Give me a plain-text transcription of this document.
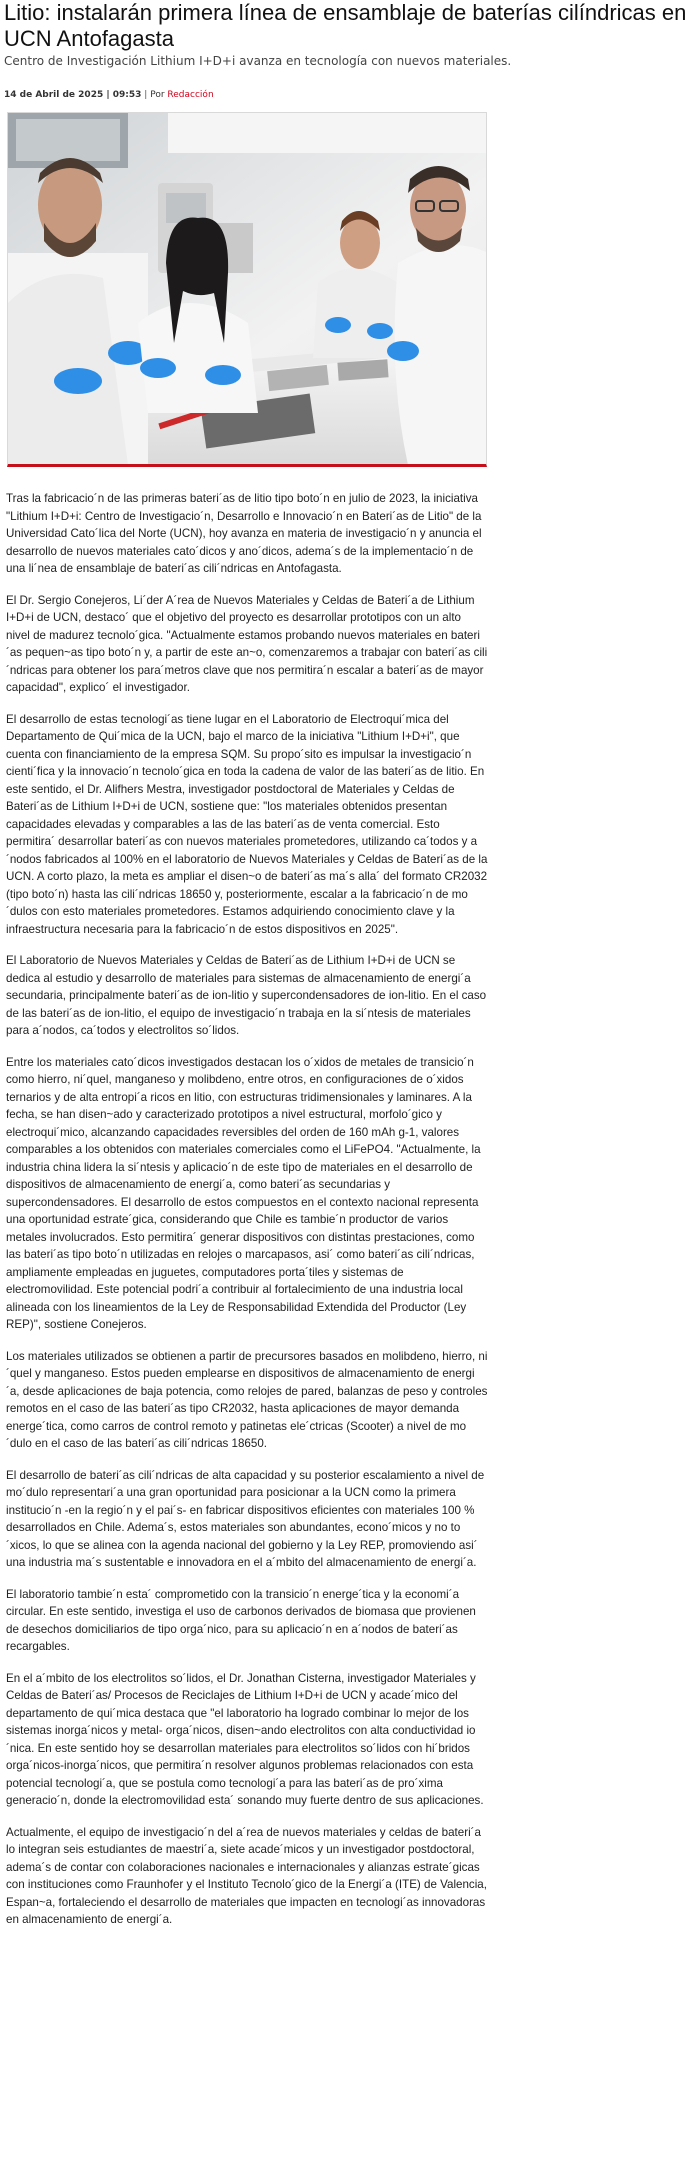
Litio: instalarán primera línea de ensamblaje de baterías cilíndricas en UCN Antofagasta

Centro de Investigación Lithium I+D+i avanza en tecnología con nuevos materiales.

14 de Abril de 2025 | 09:53 | Por Redacción

Tras la fabricacio´n de las primeras bateri´as de litio tipo boto´n en julio de 2023, la iniciativa "Lithium I+D+i: Centro de Investigacio´n, Desarrollo e Innovacio´n en Bateri´as de Litio" de la Universidad Cato´lica del Norte (UCN), hoy avanza en materia de investigacio´n y anuncia el desarrollo de nuevos materiales cato´dicos y ano´dicos, adema´s de la implementacio´n de una li´nea de ensamblaje de bateri´as cili´ndricas en Antofagasta.

El Dr. Sergio Conejeros, Li´der A´rea de Nuevos Materiales y Celdas de Bateri´a de Lithium I+D+i de UCN, destaco´ que el objetivo del proyecto es desarrollar prototipos con un alto nivel de madurez tecnolo´gica. "Actualmente estamos probando nuevos materiales en bateri´as pequen~as tipo boto´n y, a partir de este an~o, comenzaremos a trabajar con bateri´as cili´ndricas para obtener los para´metros clave que nos permitira´n escalar a bateri´as de mayor capacidad", explico´ el investigador.

El desarrollo de estas tecnologi´as tiene lugar en el Laboratorio de Electroqui´mica del Departamento de Qui´mica de la UCN, bajo el marco de la iniciativa "Lithium I+D+i", que cuenta con financiamiento de la empresa SQM. Su propo´sito es impulsar la investigacio´n cienti´fica y la innovacio´n tecnolo´gica en toda la cadena de valor de las bateri´as de litio. En este sentido, el Dr. Alifhers Mestra, investigador postdoctoral de Materiales y Celdas de Bateri´as de Lithium I+D+i de UCN, sostiene que: "los materiales obtenidos presentan capacidades elevadas y comparables a las de las bateri´as de venta comercial. Esto permitira´ desarrollar bateri´as con nuevos materiales prometedores, utilizando ca´todos y a´nodos fabricados al 100% en el laboratorio de Nuevos Materiales y Celdas de Bateri´as de la UCN. A corto plazo, la meta es ampliar el disen~o de bateri´as ma´s alla´ del formato CR2032 (tipo boto´n) hasta las cili´ndricas 18650 y, posteriormente, escalar a la fabricacio´n de mo´dulos con esto materiales prometedores. Estamos adquiriendo conocimiento clave y la infraestructura necesaria para la fabricacio´n de estos dispositivos en 2025".

El Laboratorio de Nuevos Materiales y Celdas de Bateri´as de Lithium I+D+i de UCN se dedica al estudio y desarrollo de materiales para sistemas de almacenamiento de energi´a secundaria, principalmente bateri´as de ion-litio y supercondensadores de ion-litio. En el caso de las bateri´as de ion-litio, el equipo de investigacio´n trabaja en la si´ntesis de materiales para a´nodos, ca´todos y electrolitos so´lidos.

Entre los materiales cato´dicos investigados destacan los o´xidos de metales de transicio´n como hierro, ni´quel, manganeso y molibdeno, entre otros, en configuraciones de o´xidos ternarios y de alta entropi´a ricos en litio, con estructuras tridimensionales y laminares. A la fecha, se han disen~ado y caracterizado prototipos a nivel estructural, morfolo´gico y electroqui´mico, alcanzando capacidades reversibles del orden de 160 mAh g-1, valores comparables a los obtenidos con materiales comerciales como el LiFePO4. "Actualmente, la industria china lidera la si´ntesis y aplicacio´n de este tipo de materiales en el desarrollo de dispositivos de almacenamiento de energi´a, como bateri´as secundarias y supercondensadores. El desarrollo de estos compuestos en el contexto nacional representa una oportunidad estrate´gica, considerando que Chile es tambie´n productor de varios metales involucrados. Esto permitira´ generar dispositivos con distintas prestaciones, como las bateri´as tipo boto´n utilizadas en relojes o marcapasos, asi´ como bateri´as cili´ndricas, ampliamente empleadas en juguetes, computadores porta´tiles y sistemas de electromovilidad. Este potencial podri´a contribuir al fortalecimiento de una industria local alineada con los lineamientos de la Ley de Responsabilidad Extendida del Productor (Ley REP)", sostiene Conejeros.

Los materiales utilizados se obtienen a partir de precursores basados en molibdeno, hierro, ni´quel y manganeso. Estos pueden emplearse en dispositivos de almacenamiento de energi´a, desde aplicaciones de baja potencia, como relojes de pared, balanzas de peso y controles remotos en el caso de las bateri´as tipo CR2032, hasta aplicaciones de mayor demanda energe´tica, como carros de control remoto y patinetas ele´ctricas (Scooter) a nivel de mo´dulo en el caso de las bateri´as cili´ndricas 18650.

El desarrollo de bateri´as cili´ndricas de alta capacidad y su posterior escalamiento a nivel de mo´dulo representari´a una gran oportunidad para posicionar a la UCN como la primera institucio´n -en la regio´n y el pai´s- en fabricar dispositivos eficientes con materiales 100 % desarrollados en Chile. Adema´s, estos materiales son abundantes, econo´micos y no to´xicos, lo que se alinea con la agenda nacional del gobierno y la Ley REP, promoviendo asi´ una industria ma´s sustentable e innovadora en el a´mbito del almacenamiento de energi´a.

El laboratorio tambie´n esta´ comprometido con la transicio´n energe´tica y la economi´a circular. En este sentido, investiga el uso de carbonos derivados de biomasa que provienen de desechos domiciliarios de tipo orga´nico, para su aplicacio´n en a´nodos de bateri´as recargables.

En el a´mbito de los electrolitos so´lidos, el Dr. Jonathan Cisterna, investigador Materiales y Celdas de Bateri´as/ Procesos de Reciclajes de Lithium I+D+i de UCN y acade´mico del departamento de qui´mica destaca que "el laboratorio ha logrado combinar lo mejor de los sistemas inorga´nicos y metal- orga´nicos, disen~ando electrolitos con alta conductividad io´nica. En este sentido hoy se desarrollan materiales para electrolitos so´lidos con hi´bridos orga´nicos-inorga´nicos, que permitira´n resolver algunos problemas relacionados con esta potencial tecnologi´a, que se postula como tecnologi´a para las bateri´as de pro´xima generacio´n, donde la electromovilidad esta´ sonando muy fuerte dentro de sus aplicaciones.

Actualmente, el equipo de investigacio´n del a´rea de nuevos materiales y celdas de bateri´a lo integran seis estudiantes de maestri´a, siete acade´micos y un investigador postdoctoral, adema´s de contar con colaboraciones nacionales e internacionales y alianzas estrate´gicas con instituciones como Fraunhofer y el Instituto Tecnolo´gico de la Energi´a (ITE) de Valencia, Espan~a, fortaleciendo el desarrollo de materiales que impacten en tecnologi´as innovadoras en almacenamiento de energi´a.
